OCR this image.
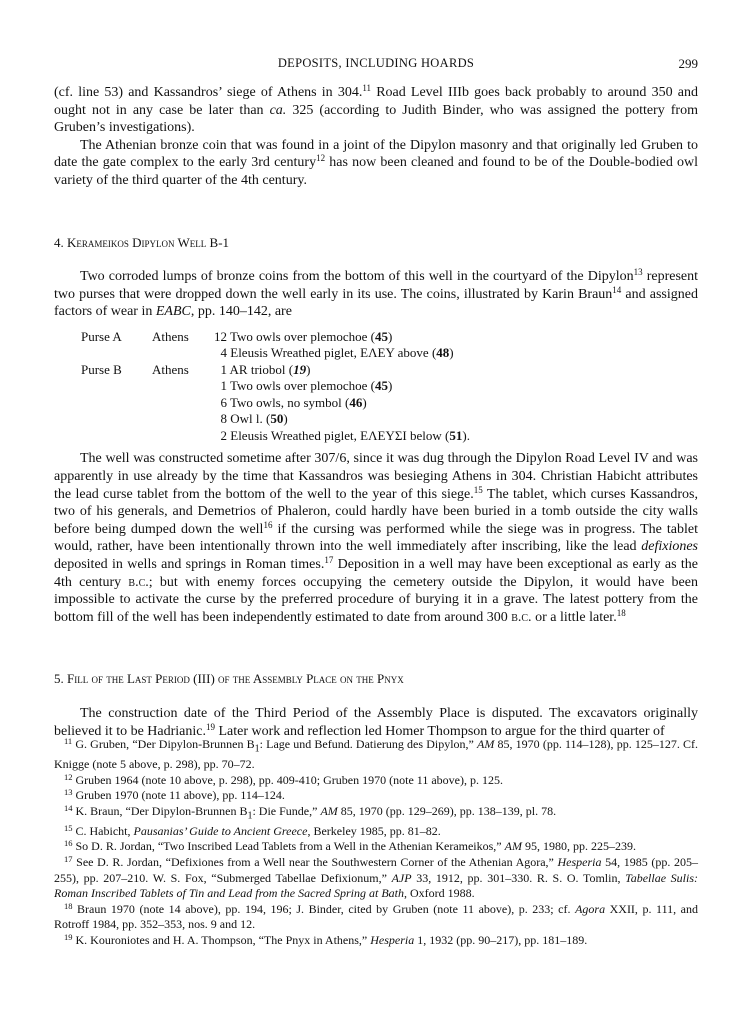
DEPOSITS, INCLUDING HOARDS	299

(cf. line 53) and Kassandros’ siege of Athens in 304.11 Road Level IIIb goes back probably to around 350 and ought not in any case be later than ca. 325 (according to Judith Binder, who was assigned the pottery from Gruben’s investigations).

The Athenian bronze coin that was found in a joint of the Dipylon masonry and that originally led Gruben to date the gate complex to the early 3rd century$^{12}$ has now been cleaned and found to be of the Double-bodied owl variety of the third quarter of the 4th century.

4. Kerameikos Dipylon Well B-1

Two corroded lumps of bronze coins from the bottom of this well in the courtyard of the Dipylon$^{13}$ represent two purses that were dropped down the well early in its use. The coins, illustrated by Karin Braun$^{14}$ and assigned factors of wear in EABC, pp. 140–142, are

Purse A	Athens	12 Two owls over plemochoe (45)
		4 Eleusis Wreathed piglet, ΕΛΕΥ above (48)
Purse B	Athens	1 AR triobol (19)
		1 Two owls over plemochoe (45)
		6 Two owls, no symbol (46)
		8 Owl l. (50)
		2 Eleusis Wreathed piglet, ΕΛΕΥΣΙ below (51).

The well was constructed sometime after 307/6, since it was dug through the Dipylon Road Level IV and was apparently in use already by the time that Kassandros was besieging Athens in 304. Christian Habicht attributes the lead curse tablet from the bottom of the well to the year of this siege.$^{15}$ The tablet, which curses Kassandros, two of his generals, and Demetrios of Phaleron, could hardly have been buried in a tomb outside the city walls before being dumped down the well$^{16}$ if the cursing was performed while the siege was in progress. The tablet would, rather, have been intentionally thrown into the well immediately after inscribing, like the lead defixiones deposited in wells and springs in Roman times.$^{17}$ Deposition in a well may have been exceptional as early as the 4th century b.c.; but with enemy forces occupying the cemetery outside the Dipylon, it would have been impossible to activate the curse by the preferred procedure of burying it in a grave. The latest pottery from the bottom fill of the well has been independently estimated to date from around 300 b.c. or a little later.$^{18}$

5. Fill of the Last Period (III) of the Assembly Place on the Pnyx

The construction date of the Third Period of the Assembly Place is disputed. The excavators originally believed it to be Hadrianic.$^{19}$ Later work and reflection led Homer Thompson to argue for the third quarter of

$^{11}$ G. Gruben, “Der Dipylon-Brunnen $B_1$: Lage und Befund. Datierung des Dipylon,” AM 85, 1970 (pp. 114–128), pp. 125–127. Cf. Knigge (note 5 above, p. 298), pp. 70–72.

$^{12}$ Gruben 1964 (note 10 above, p. 298), pp. 409-410; Gruben 1970 (note 11 above), p. 125.

$^{13}$ Gruben 1970 (note 11 above), pp. 114–124.

$^{14}$ K. Braun, “Der Dipylon-Brunnen $B_1$: Die Funde,” AM 85, 1970 (pp. 129–269), pp. 138–139, pl. 78.

$^{15}$ C. Habicht, Pausanias’ Guide to Ancient Greece, Berkeley 1985, pp. 81–82.

$^{16}$ So D. R. Jordan, “Two Inscribed Lead Tablets from a Well in the Athenian Kerameikos,” AM 95, 1980, pp. 225–239.

$^{17}$ See D. R. Jordan, “Defixiones from a Well near the Southwestern Corner of the Athenian Agora,” Hesperia 54, 1985 (pp. 205–255), pp. 207–210. W. S. Fox, “Submerged Tabellae Defixionum,” AJP 33, 1912, pp. 301–330. R. S. O. Tomlin, Tabellae Sulis: Roman Inscribed Tablets of Tin and Lead from the Sacred Spring at Bath, Oxford 1988.

$^{18}$ Braun 1970 (note 14 above), pp. 194, 196; J. Binder, cited by Gruben (note 11 above), p. 233; cf. Agora XXII, p. 111, and Rotroff 1984, pp. 352–353, nos. 9 and 12.

$^{19}$ K. Kouroniotes and H. A. Thompson, “The Pnyx in Athens,” Hesperia 1, 1932 (pp. 90–217), pp. 181–189.
